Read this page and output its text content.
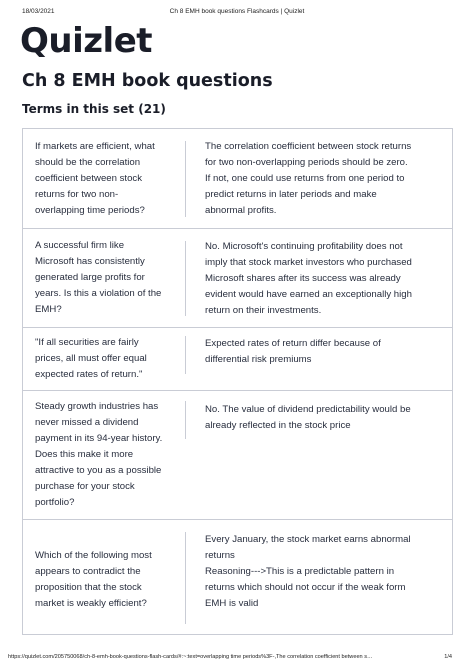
18/03/2021	Ch 8 EMH book questions Flashcards | Quizlet
Quizlet
Ch 8 EMH book questions
Terms in this set (21)
If markets are efficient, what
should be the correlation
coefficient between stock
returns for two non-
overlapping time periods?
The correlation coefficient between stock returns
for two non-overlapping periods should be zero.
If not, one could use returns from one period to
predict returns in later periods and make
abnormal profits.
A successful firm like
Microsoft has consistently
generated large profits for
years. Is this a violation of the
EMH?
No. Microsoft's continuing profitability does not
imply that stock market investors who purchased
Microsoft shares after its success was already
evident would have earned an exceptionally high
return on their investments.
"If all securities are fairly
prices, all must offer equal
expected rates of return."
Expected rates of return differ because of
differential risk premiums
Steady growth industries has
never missed a dividend
payment in its 94-year history.
Does this make it more
attractive to you as a possible
purchase for your stock
portfolio?
No. The value of dividend predictability would be
already reflected in the stock price
Which of the following most
appears to contradict the
proposition that the stock
market is weakly efficient?
Every January, the stock market earns abnormal
returns
Reasoning--->This is a predictable pattern in
returns which should not occur if the weak form
EMH is valid
https://quizlet.com/205750068/ch-8-emh-book-questions-flash-cards/#:~:text=overlapping time periods%3F-,The correlation coefficient between s…	1/4
